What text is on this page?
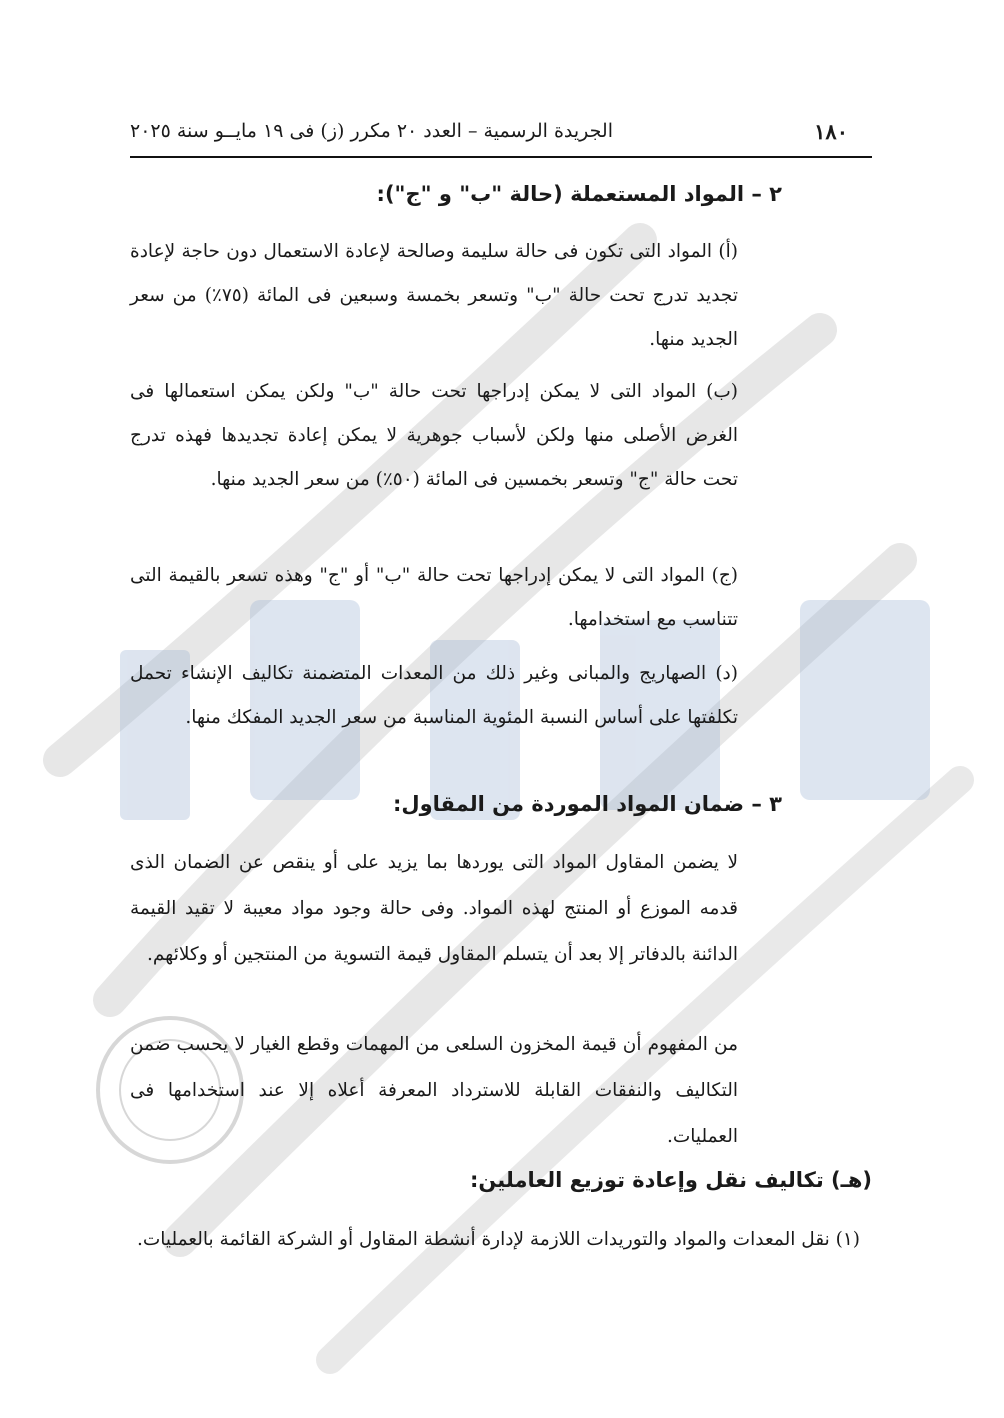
١٨٠
الجريدة الرسمية – العدد ٢٠ مكرر (ز) فى ١٩ مايــو سنة ٢٠٢٥
٢ – المواد المستعملة (حالة "ب" و "ج"):
(أ) المواد التى تكون فى حالة سليمة وصالحة لإعادة الاستعمال دون حاجة لإعادة تجديد تدرج تحت حالة "ب" وتسعر بخمسة وسبعين فى المائة (٧٥٪) من سعر الجديد منها.
(ب) المواد التى لا يمكن إدراجها تحت حالة "ب" ولكن يمكن استعمالها فى الغرض الأصلى منها ولكن لأسباب جوهرية لا يمكن إعادة تجديدها فهذه تدرج تحت حالة "ج" وتسعر بخمسين فى المائة (٥٠٪) من سعر الجديد منها.
(ج) المواد التى لا يمكن إدراجها تحت حالة "ب" أو "ج" وهذه تسعر بالقيمة التى تتناسب مع استخدامها.
(د) الصهاريج والمبانى وغير ذلك من المعدات المتضمنة تكاليف الإنشاء تحمل تكلفتها على أساس النسبة المئوية المناسبة من سعر الجديد المفكك منها.
٣ – ضمان المواد الموردة من المقاول:
لا يضمن المقاول المواد التى يوردها بما يزيد على أو ينقص عن الضمان الذى قدمه الموزع أو المنتج لهذه المواد. وفى حالة وجود مواد معيبة لا تقيد القيمة الدائنة بالدفاتر إلا بعد أن يتسلم المقاول قيمة التسوية من المنتجين أو وكلائهم.
من المفهوم أن قيمة المخزون السلعى من المهمات وقطع الغيار لا يحسب ضمن التكاليف والنفقات القابلة للاسترداد المعرفة أعلاه إلا عند استخدامها فى العمليات.
(هـ) تكاليف نقل وإعادة توزيع العاملين:
(١) نقل المعدات والمواد والتوريدات اللازمة لإدارة أنشطة المقاول أو الشركة القائمة بالعمليات.
